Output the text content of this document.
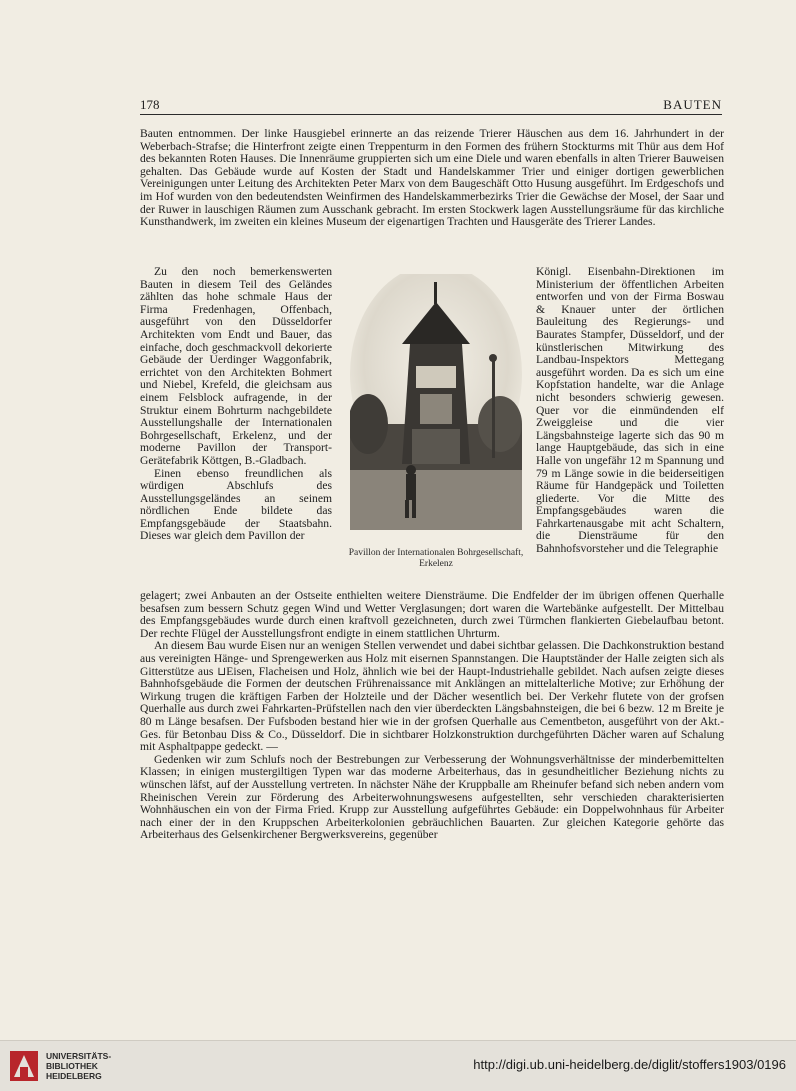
178	BAUTEN

Bauten entnommen. Der linke Hausgiebel erinnerte an das reizende Trierer Häuschen aus dem 16. Jahrhundert in der Weberbach-Strafse; die Hinterfront zeigte einen Treppenturm in den Formen des frühern Stockturms mit Thür aus dem Hof des bekannten Roten Hauses. Die Innenräume gruppierten sich um eine Diele und waren ebenfalls in alten Trierer Bauweisen gehalten. Das Gebäude wurde auf Kosten der Stadt und Handelskammer Trier und einiger dortigen gewerblichen Vereinigungen unter Leitung des Architekten Peter Marx von dem Baugeschäft Otto Husung ausgeführt. Im Erdgeschofs und im Hof wurden von den bedeutendsten Weinfirmen des Handelskammerbezirks Trier die Gewächse der Mosel, der Saar und der Ruwer in lauschigen Räumen zum Ausschank gebracht. Im ersten Stockwerk lagen Ausstellungsräume für das kirchliche Kunsthandwerk, im zweiten ein kleines Museum der eigenartigen Trachten und Hausgeräte des Trierer Landes.

Zu den noch bemerkenswerten Bauten in diesem Teil des Geländes zählten das hohe schmale Haus der Firma Fredenhagen, Offenbach, ausgeführt von den Düsseldorfer Architekten vom Endt und Bauer, das einfache, doch geschmackvoll dekorierte Gebäude der Uerdinger Waggonfabrik, errichtet von den Architekten Bohmert und Niebel, Krefeld, die gleichsam aus einem Felsblock aufragende, in der Struktur einem Bohrturm nachgebildete Ausstellungshalle der Internationalen Bohrgesellschaft, Erkelenz, und der moderne Pavillon der Transport-Gerätefabrik Köttgen, B.-Gladbach.

Einen ebenso freundlichen als würdigen Abschlufs des Ausstellungsgeländes an seinem nördlichen Ende bildete das Empfangsgebäude der Staatsbahn. Dieses war gleich dem Pavillon der

Königl. Eisenbahn-Direktionen im Ministerium der öffentlichen Arbeiten entworfen und von der Firma Boswau & Knauer unter der örtlichen Bauleitung des Regierungs- und Baurates Stampfer, Düsseldorf, und der künstlerischen Mitwirkung des Landbau-Inspektors Mettegang ausgeführt worden. Da es sich um eine Kopfstation handelte, war die Anlage nicht besonders schwierig gewesen. Quer vor die einmündenden elf Zweiggleise und die vier Längsbahnsteige lagerte sich das 90 m lange Hauptgebäude, das sich in eine Halle von ungefähr 12 m Spannung und 79 m Länge sowie in die beiderseitigen Räume für Handgepäck und Toiletten gliederte. Vor die Mitte des Empfangsgebäudes waren die Fahrkartenausgabe mit acht Schaltern, die Diensträume für den Bahnhofsvorsteher und die Telegraphie

Pavillon der Internationalen Bohrgesellschaft, Erkelenz

gelagert; zwei Anbauten an der Ostseite enthielten weitere Diensträume. Die Endfelder der im übrigen offenen Querhalle besafsen zum bessern Schutz gegen Wind und Wetter Verglasungen; dort waren die Wartebänke aufgestellt. Der Mittelbau des Empfangsgebäudes wurde durch einen kraftvoll gezeichneten, durch zwei Türmchen flankierten Giebelaufbau betont. Der rechte Flügel der Ausstellungsfront endigte in einem stattlichen Uhrturm.

An diesem Bau wurde Eisen nur an wenigen Stellen verwendet und dabei sichtbar gelassen. Die Dachkonstruktion bestand aus vereinigten Hänge- und Sprengewerken aus Holz mit eisernen Spannstangen. Die Hauptständer der Halle zeigten sich als Gitterstütze aus ⊔Eisen, Flacheisen und Holz, ähnlich wie bei der Haupt-Industriehalle gebildet. Nach aufsen zeigte dieses Bahnhofsgebäude die Formen der deutschen Frührenaissance mit Anklängen an mittelalterliche Motive; zur Erhöhung der Wirkung trugen die kräftigen Farben der Holzteile und der Dächer wesentlich bei. Der Verkehr flutete von der grofsen Querhalle aus durch zwei Fahrkarten-Prüfstellen nach den vier überdeckten Längsbahnsteigen, die bei 6 bezw. 12 m Breite je 80 m Länge besafsen. Der Fufsboden bestand hier wie in der grofsen Querhalle aus Cementbeton, ausgeführt von der Akt.-Ges. für Betonbau Diss & Co., Düsseldorf. Die in sichtbarer Holzkonstruktion durchgeführten Dächer waren auf Schalung mit Asphaltpappe gedeckt. —

Gedenken wir zum Schlufs noch der Bestrebungen zur Verbesserung der Wohnungsverhältnisse der minderbemittelten Klassen; in einigen mustergiltigen Typen war das moderne Arbeiterhaus, das in gesundheitlicher Beziehung nichts zu wünschen läfst, auf der Ausstellung vertreten. In nächster Nähe der Kruppballe am Rheinufer befand sich neben andern vom Rheinischen Verein zur Förderung des Arbeiterwohnungswesens aufgestellten, sehr verschieden charakterisierten Wohnhäuschen ein von der Firma Fried. Krupp zur Ausstellung aufgeführtes Gebäude: ein Doppelwohnhaus für Arbeiter nach einer der in den Kruppschen Arbeiterkolonien gebräuchlichen Bauarten. Zur gleichen Kategorie gehörte das Arbeiterhaus des Gelsenkirchener Bergwerksvereins, gegenüber

UNIVERSITÄTS-
BIBLIOTHEK
HEIDELBERG
http://digi.ub.uni-heidelberg.de/diglit/stoffers1903/0196
